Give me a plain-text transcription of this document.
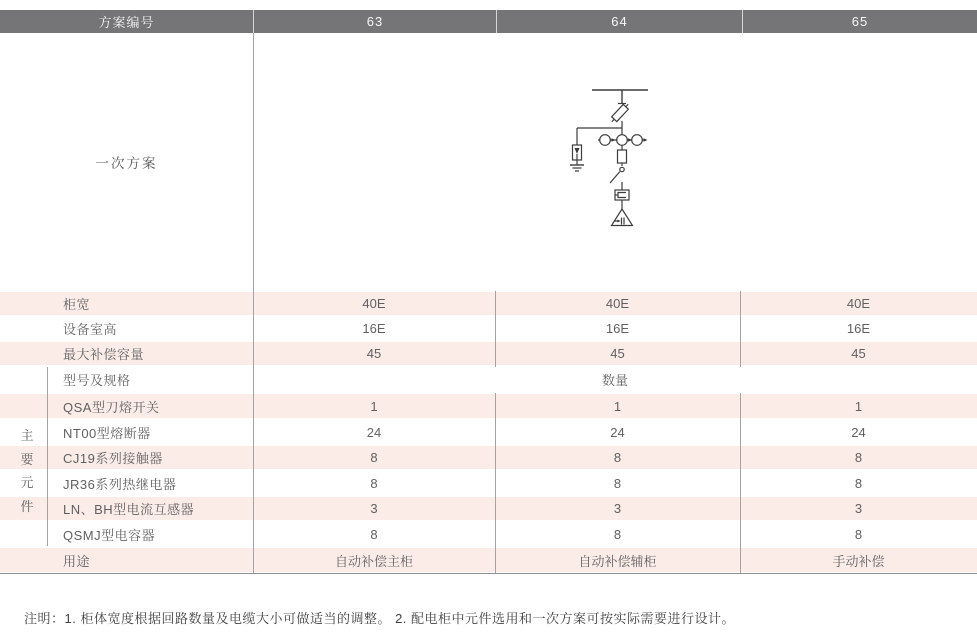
方案编号	63	64	65
一次方案
柜宽	40E	40E	40E
设备室高	16E	16E	16E
最大补偿容量	45	45	45
型号及规格	数量
QSA型刀熔开关	1	1	1
NT00型熔断器	24	24	24
CJ19系列接触器	8	8	8
JR36系列热继电器	8	8	8
LN、BH型电流互感器	3	3	3
QSMJ型电容器	8	8	8
用途	自动补偿主柜	自动补偿辅柜	手动补偿
主
要
元
件
注明：1. 柜体宽度根据回路数量及电缆大小可做适当的调整。 2. 配电柜中元件选用和一次方案可按实际需要进行设计。
